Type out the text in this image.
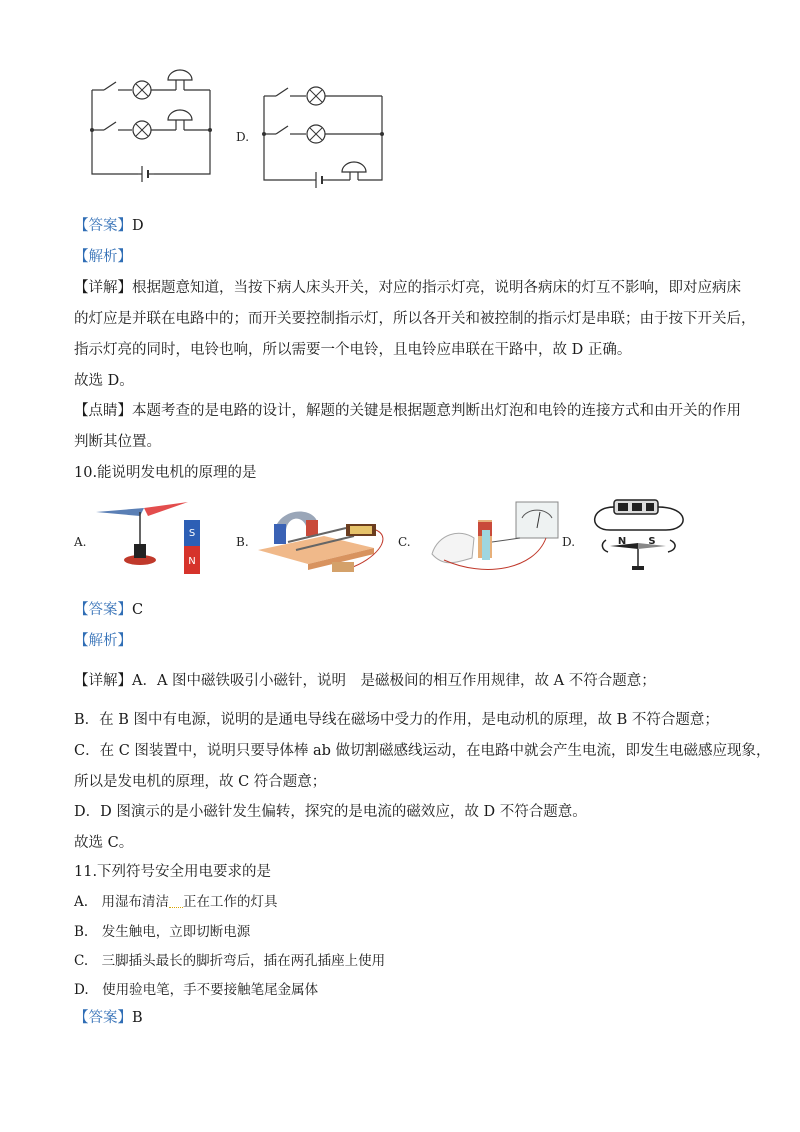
D.
【答案】D
【解析】
【详解】根据题意知道，当按下病人床头开关，对应的指示灯亮，说明各病床的灯互不影响，即对应病床
的灯应是并联在电路中的；而开关要控制指示灯，所以各开关和被控制的指示灯是串联；由于按下开关后，
指示灯亮的同时，电铃也响，所以需要一个电铃，且电铃应串联在干路中，故 D 正确。
故选 D。
【点睛】本题考查的是电路的设计，解题的关键是根据题意判断出灯泡和电铃的连接方式和由开关的作用
判断其位置。
10.能说明发电机的原理的是
A.
S
N
B.	C.	D.	N S
【答案】C
【解析】
【详解】A．A 图中磁铁吸引小磁针，说明　是磁极间的相互作用规律，故 A 不符合题意；
B．在 B 图中有电源，说明的是通电导线在磁场中受力的作用，是电动机的原理，故 B 不符合题意；
C．在 C 图装置中，说明只要导体棒 ab 做切割磁感线运动，在电路中就会产生电流，即发生电磁感应现象，
所以是发电机的原理，故 C 符合题意；
D．D 图演示的是小磁针发生偏转，探究的是电流的磁效应，故 D 不符合题意。
故选 C。
11.下列符号安全用电要求的是
A.　用湿布清洁 正在工作的灯具
B.　发生触电，立即切断电源
C.　三脚插头最长的脚折弯后，插在两孔插座上使用
D.　使用验电笔，手不要接触笔尾金属体
【答案】B
